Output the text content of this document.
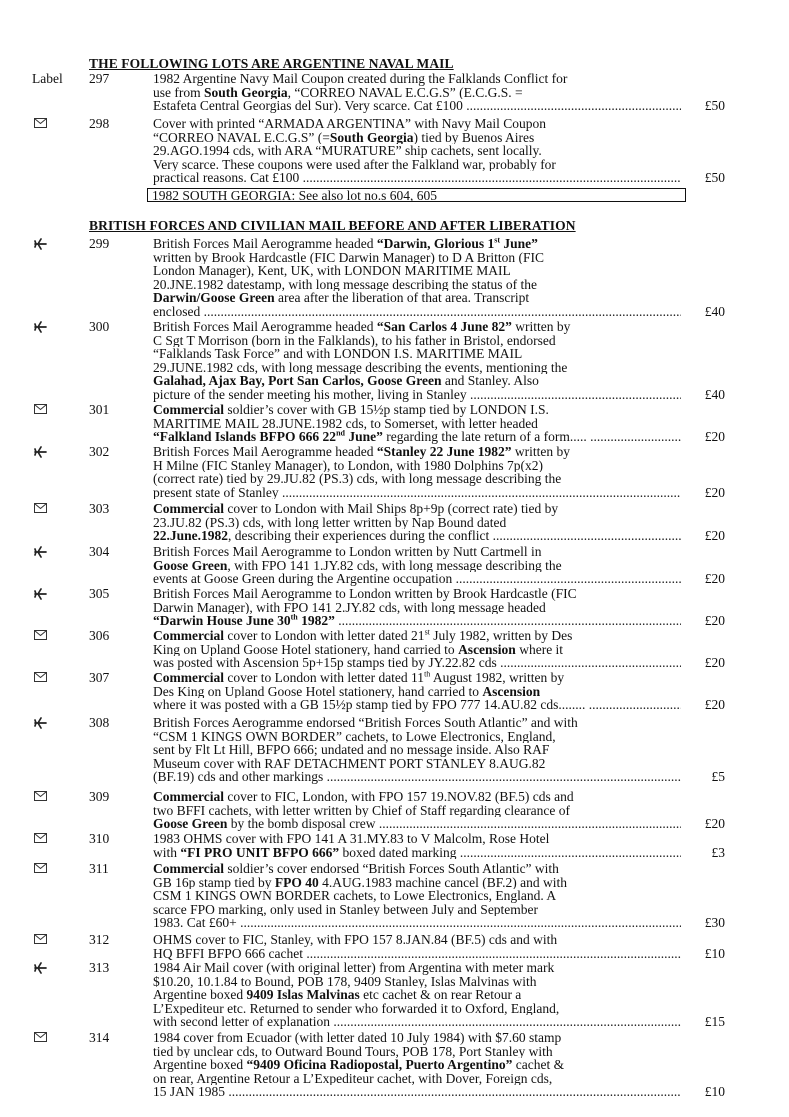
THE FOLLOWING LOTS ARE ARGENTINE NAVAL MAIL
Label 297	1982 Argentine Navy Mail Coupon created during the Falklands Conflict for
use from South Georgia, “CORREO NAVAL E.C.G.S” (E.C.G.S. =
Estafeta Central Georgias del Sur). Very scarce. Cat £100 .....	£50
298	Cover with printed “ARMADA ARGENTINA” with Navy Mail Coupon
“CORREO NAVAL E.C.G.S” (=South Georgia) tied by Buenos Aires
29.AGO.1994 cds, with ARA “MURATURE” ship cachets, sent locally.
Very scarce. These coupons were used after the Falkland war, probably for
practical reasons. Cat £100 .....	£50
1982 SOUTH GEORGIA: See also lot no.s 604, 605
BRITISH FORCES AND CIVILIAN MAIL BEFORE AND AFTER LIBERATION
299	British Forces Mail Aerogramme headed “Darwin, Glorious 1st June”
written by Brook Hardcastle (FIC Darwin Manager) to D A Britton (FIC
London Manager), Kent, UK, with LONDON MARITIME MAIL
20.JNE.1982 datestamp, with long message describing the status of the
Darwin/Goose Green area after the liberation of that area. Transcript
enclosed .....	£40
300	British Forces Mail Aerogramme headed “San Carlos 4 June 82” written by
C Sgt T Morrison (born in the Falklands), to his father in Bristol, endorsed
“Falklands Task Force” and with LONDON I.S. MARITIME MAIL
29.JUNE.1982 cds, with long message describing the events, mentioning the
Galahad, Ajax Bay, Port San Carlos, Goose Green and Stanley. Also
picture of the sender meeting his mother, living in Stanley .....	£40
301	Commercial soldier’s cover with GB 15½p stamp tied by LONDON I.S.
MARITIME MAIL 28.JUNE.1982 cds, to Somerset, with letter headed
“Falkland Islands BFPO 666 22nd June” regarding the late return of a form..... .....	£20
302	British Forces Mail Aerogramme headed “Stanley 22 June 1982” written by
H Milne (FIC Stanley Manager), to London, with 1980 Dolphins 7p(x2)
(correct rate) tied by 29.JU.82 (PS.3) cds, with long message describing the
present state of Stanley .....	£20
303	Commercial cover to London with Mail Ships 8p+9p (correct rate) tied by
23.JU.82 (PS.3) cds, with long letter written by Nap Bound dated
22.June.1982, describing their experiences during the conflict .....	£20
304	British Forces Mail Aerogramme to London written by Nutt Cartmell in
Goose Green, with FPO 141 1.JY.82 cds, with long message describing the
events at Goose Green during the Argentine occupation .....	£20
305	British Forces Mail Aerogramme to London written by Brook Hardcastle (FIC
Darwin Manager), with FPO 141 2.JY.82 cds, with long message headed
“Darwin House June 30th 1982” .....	£20
306	Commercial cover to London with letter dated 21st July 1982, written by Des
King on Upland Goose Hotel stationery, hand carried to Ascension where it
was posted with Ascension 5p+15p stamps tied by JY.22.82 cds .....	£20
307	Commercial cover to London with letter dated 11th August 1982, written by
Des King on Upland Goose Hotel stationery, hand carried to Ascension
where it was posted with a GB 15½p stamp tied by FPO 777 14.AU.82 cds........ .....	£20
308	British Forces Aerogramme endorsed “British Forces South Atlantic” and with
“CSM 1 KINGS OWN BORDER” cachets, to Lowe Electronics, England,
sent by Flt Lt Hill, BFPO 666; undated and no message inside. Also RAF
Museum cover with RAF DETACHMENT PORT STANLEY 8.AUG.82
(BF.19) cds and other markings .....	£5
309	Commercial cover to FIC, London, with FPO 157 19.NOV.82 (BF.5) cds and
two BFFI cachets, with letter written by Chief of Staff regarding clearance of
Goose Green by the bomb disposal crew .....	£20
310	1983 OHMS cover with FPO 141 A 31.MY.83 to V Malcolm, Rose Hotel
with “FI PRO UNIT BFPO 666” boxed dated marking .....	£3
311	Commercial soldier’s cover endorsed “British Forces South Atlantic” with
GB 16p stamp tied by FPO 40 4.AUG.1983 machine cancel (BF.2) and with
CSM 1 KINGS OWN BORDER cachets, to Lowe Electronics, England. A
scarce FPO marking, only used in Stanley between July and September
1983. Cat £60+ .....	£30
312	OHMS cover to FIC, Stanley, with FPO 157 8.JAN.84 (BF.5) cds and with
HQ BFFI BFPO 666 cachet .....	£10
313	1984 Air Mail cover (with original letter) from Argentina with meter mark
$10.20, 10.1.84 to Bound, POB 178, 9409 Stanley, Islas Malvinas with
Argentine boxed 9409 Islas Malvinas etc cachet & on rear Retour a
L’Expediteur etc. Returned to sender who forwarded it to Oxford, England,
with second letter of explanation .....	£15
314	1984 cover from Ecuador (with letter dated 10 July 1984) with $7.60 stamp
tied by unclear cds, to Outward Bound Tours, POB 178, Port Stanley with
Argentine boxed “9409 Oficina Radiopostal, Puerto Argentino” cachet &
on rear, Argentine Retour a L’Expediteur cachet, with Dover, Foreign cds,
15 JAN 1985 .....	£10
